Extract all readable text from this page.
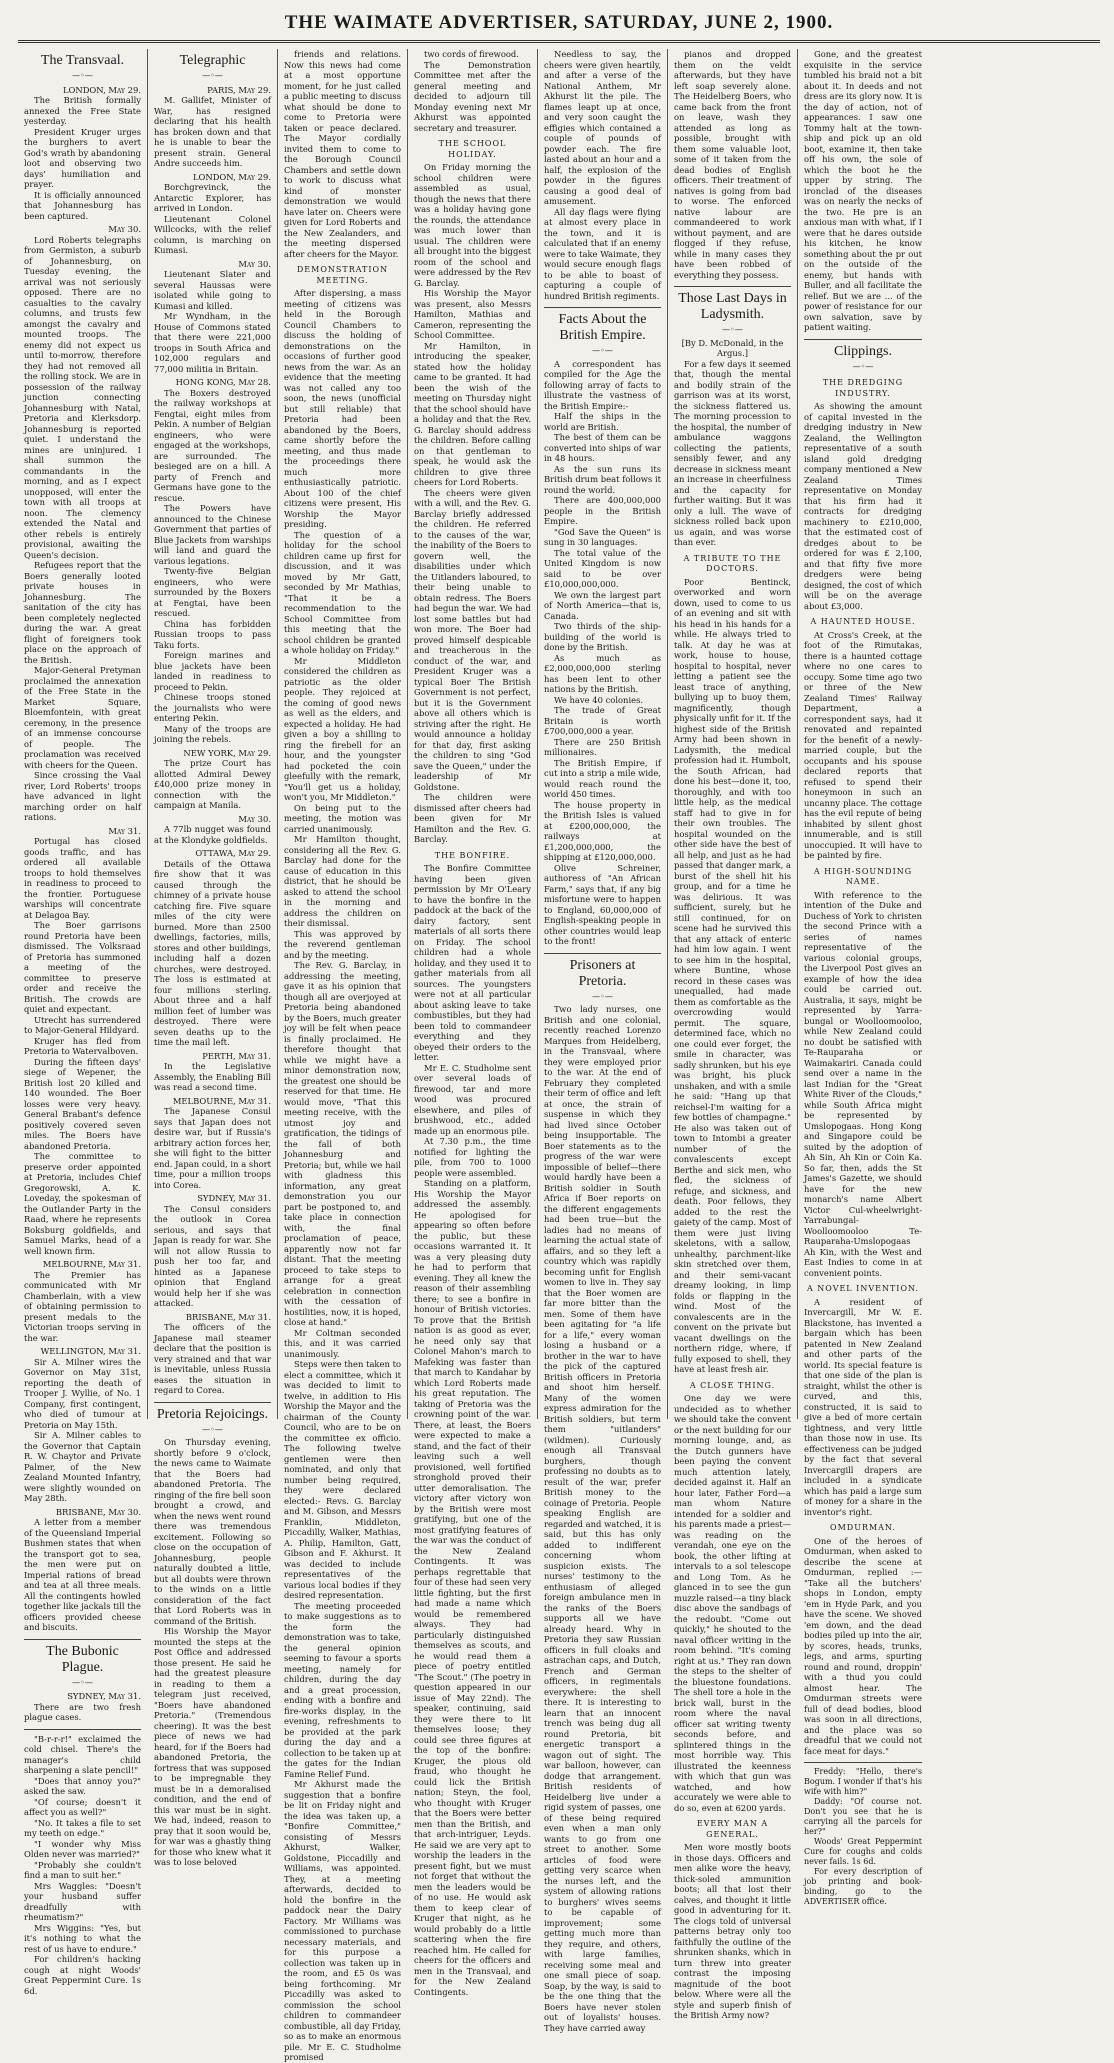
THE WAIMATE ADVERTISER, SATURDAY, JUNE 2, 1900.
The Transvaal.
—◦—

LONDON, May 29.

The British formally annexed the Free State yesterday.

President Kruger urges the burghers to avert God's wrath by abandoning loot and observing two days' humiliation and prayer.

It is officially announced that Johannesburg has been captured.

May 30.

Lord Roberts telegraphs from Germiston, a suburb of Johannesburg, on Tuesday evening, the arrival was not seriously opposed. There are no casualties to the cavalry columns, and trusts few amongst the cavalry and mounted troops. The enemy did not expect us until to-morrow, therefore they had not removed all the rolling stock. We are in possession of the railway junction connecting Johannesburg with Natal, Pretoria and Klerksdorp. Johannesburg is reported quiet. I understand the mines are uninjured. I shall summon the commandants in the morning, and as I expect unopposed, will enter the town with all troops at noon. The clemency extended the Natal and other rebels is entirely provisional, awaiting the Queen's decision.

Refugees report that the Boers generally looted private houses in Johannesburg. The sanitation of the city has been completely neglected during the war. A great flight of foreigners took place on the approach of the British.

Major-General Pretyman proclaimed the annexation of the Free State in the Market Square, Bloemfontein, with great ceremony, in the presence of an immense concourse of people. The proclamation was received with cheers for the Queen.

Since crossing the Vaal river, Lord Roberts' troops have advanced in light marching order on half rations.

May 31.

Portugal has closed goods traffic, and has ordered all available troops to hold themselves in readiness to proceed to the frontier. Portuguese warships will concentrate at Delagoa Bay.

The Boer garrisons round Pretoria have been dismissed. The Volksraad of Pretoria has summoned a meeting of the committee to preserve order and receive the British. The crowds are quiet and expectant.

Utrecht has surrendered to Major-General Hildyard.

Kruger has fled from Pretoria to Watervalboven.

During the fifteen days' siege of Wepener, the British lost 20 killed and 140 wounded. The Boer losses were very heavy. General Brabant's defence positively covered seven miles. The Boers have abandoned Pretoria.

The committee to preserve order appointed at Pretoria, includes Chief Gregorowski, A. K. Loveday, the spokesman of the Outlander Party in the Raad, where he represents Boksburg goldfields, and Samuel Marks, head of a well known firm.

MELBOURNE, May 31.

The Premier has communicated with Mr Chamberlain, with a view of obtaining permission to present medals to the Victorian troops serving in the war.

WELLINGTON, May 31.

Sir A. Milner wires the Governor on May 31st, reporting the death of Trooper J. Wyllie, of No. 1 Company, first contingent, who died of tumour at Pretoria on May 15th.

Sir A. Milner cables to the Governor that Captain R. W. Chaytor and Private Palmer, of the New Zealand Mounted Infantry, were slightly wounded on May 28th.

BRISBANE, May 30.

A letter from a member of the Queensland Imperial Bushmen states that when the transport got to sea, the men were put on Imperial rations of bread and tea at all three meals. All the contingents howled together like jackals till the officers provided cheese and biscuits.

The Bubonic Plague.
—◦—

SYDNEY, May 31.

There are two fresh plague cases.

"B-r-r-r!" exclaimed the cold chisel. There's the manager's child sharpening a slate pencil!"

"Does that annoy you?" asked the saw.

"Of course; doesn't it affect you as well?"

"No. It takes a file to set my teeth on edge."

"I wonder why Miss Olden never was married?"

"Probably she couldn't find a man to suit her."

Mrs Waggles: "Doesn't your husband suffer dreadfully with rheumatism?"

Mrs Wiggins: "Yes, but it's nothing to what the rest of us have to endure."

For children's hacking cough at night Woods' Great Peppermint Cure. 1s 6d.

Telegraphic
—◦—

PARIS, May 29.

M. Gallifet, Minister of War, has resigned declaring that his health has broken down and that he is unable to bear the present strain. General Andre succeeds him.

LONDON, May 29.

Borchgrevinck, the Antarctic Explorer, has arrived in London.

Lieutenant Colonel Willcocks, with the relief column, is marching on Kumasi.

May 30.

Lieutenant Slater and several Haussas were isolated while going to Kumasi and killed.

Mr Wyndham, in the House of Commons stated that there were 221,000 troops in South Africa and 102,000 regulars and 77,000 militia in Britain.

HONG KONG, May 28.

The Boxers destroyed the railway workshops at Fengtai, eight miles from Pekin. A number of Belgian engineers, who were engaged at the workshops, are surrounded. The besieged are on a hill. A party of French and Germans have gone to the rescue.

The Powers have announced to the Chinese Government that parties of Blue Jackets from warships will land and guard the various legations.

Twenty-five Belgian engineers, who were surrounded by the Boxers at Fengtai, have been rescued.

China has forbidden Russian troops to pass Taku forts.

Foreign marines and blue jackets have been landed in readiness to proceed to Pekin.

Chinese troops stoned the journalists who were entering Pekin.

Many of the troops are joining the rebels.

NEW YORK, May 29.

The prize Court has allotted Admiral Dewey £40,000 prize money in connection with the campaign at Manila.

May 30.

A 77lb nugget was found at the Klondyke goldfields.

OTTAWA, May 29.

Details of the Ottawa fire show that it was caused through the chimney of a private house catching fire. Five square miles of the city were burned. More than 2500 dwellings, factories, mills, stores and other buildings, including half a dozen churches, were destroyed. The loss is estimated at four millions sterling. About three and a half million feet of lumber was destroyed. There were seven deaths up to the time the mail left.

PERTH, May 31.

In the Legislative Assembly, the Enabling Bill was read a second time.

MELBOURNE, May 31.

The Japanese Consul says that Japan does not desire war, but if Russia's arbitrary action forces her, she will fight to the bitter end. Japan could, in a short time, pour a million troops into Corea.

SYDNEY, May 31.

The Consul considers the outlook in Corea serious, and says that Japan is ready for war. She will not allow Russia to push her too far, and hinted as a Japanese opinion that England would help her if she was attacked.

BRISBANE, May 31.

The officers of the Japanese mail steamer declare that the position is very strained and that war is inevitable, unless Russia eases the situation in regard to Corea.

Pretoria Rejoicings.
—◦—

On Thursday evening, shortly before 9 o'clock, the news came to Waimate that the Boers had abandoned Pretoria. The ringing of the fire bell soon brought a crowd, and when the news went round there was tremendous excitement. Following so close on the occupation of Johannesburg, people naturally doubted a little, but all doubts were thrown to the winds on a little consideration of the fact that Lord Roberts was in command of the British.

His Worship the Mayor mounted the steps at the Post Office and addressed those present. He said he had the greatest pleasure in reading to them a telegram just received, "Boers have abandoned Pretoria." (Tremendous cheering). It was the best piece of news we had heard, for if the Boers had abandoned Pretoria, the fortress that was supposed to be impregnable they must be in a demoralised condition, and the end of this war must be in sight. We had, indeed, reason to pray that it soon would be, for war was a ghastly thing for those who knew what it was to lose beloved

friends and relations. Now this news had come at a most opportune moment, for he just called a public meeting to discuss what should be done to come to Pretoria were taken or peace declared. The Mayor cordially invited them to come to the Borough Council Chambers and settle down to work to discuss what kind of monster demonstration we would have later on. Cheers were given for Lord Roberts and the New Zealanders, and the meeting dispersed after cheers for the Mayor.

DEMONSTRATION MEETING.

After dispersing, a mass meeting of citizens was held in the Borough Council Chambers to discuss the holding of demonstrations on the occasions of further good news from the war. As an evidence that the meeting was not called any too soon, the news (unofficial but still reliable) that Pretoria had been abandoned by the Boers, came shortly before the meeting, and thus made the proceedings there much more enthusiastically patriotic. About 100 of the chief citizens were present, His Worship the Mayor presiding.

The question of a holiday for the school children came up first for discussion, and it was moved by Mr Gatt, seconded by Mr Mathias, "That it be a recommendation to the School Committee from this meeting that the school children be granted a whole holiday on Friday."

Mr Middleton considered the children as patriotic as the older people. They rejoiced at the coming of good news as well as the elders, and expected a holiday. He had given a boy a shilling to ring the firebell for an hour, and the youngster had pocketed the coin gleefully with the remark, "You'll get us a holiday, won't you, Mr Middleton."

On being put to the meeting, the motion was carried unanimously.

Mr Hamilton thought, considering all the Rev. G. Barclay had done for the cause of education in this district, that he should be asked to attend the school in the morning and address the children on their dismissal.

This was approved by the reverend gentleman and by the meeting.

The Rev. G. Barclay, in addressing the meeting, gave it as his opinion that though all are overjoyed at Pretoria being abandoned by the Boers, much greater joy will be felt when peace is finally proclaimed. He therefore thought that while we might have a minor demonstration now, the greatest one should be reserved for that time. He would move, "That this meeting receive, with the utmost joy and gratification, the tidings of the fall of both Johannesburg and Pretoria; but, while we hail with gladness this information, any great demonstration you our part be postponed to, and take place in connection with, the final proclamation of peace, apparently now not far distant. That the meeting proceed to take steps to arrange for a great celebration in connection with the cessation of hostilities, now, it is hoped, close at hand."

Mr Coltman seconded this, and it was carried unanimously.

Steps were then taken to elect a committee, which it was decided to limit to twelve, in addition to His Worship the Mayor and the chairman of the County Council, who are to be on the committee ex officio. The following twelve gentlemen were then nominated, and only that number being required, they were declared elected:- Revs. G. Barclay and M. Gibson, and Messrs Franklin, Middleton, Piccadilly, Walker, Mathias, A. Philip, Hamilton, Gatt, Gibson and F. Akhurst. It was decided to include representatives of the various local bodies if they desired representation.

The meeting proceeded to make suggestions as to the form the demonstration was to take, the general opinion seeming to favour a sports meeting, namely for children, during the day and a great procession, ending with a bonfire and fire-works display, in the evening, refreshments to be provided at the park during the day and a collection to be taken up at the gates for the Indian Famine Relief Fund.

Mr Akhurst made the suggestion that a bonfire be lit on Friday night and the idea was taken up, a "Bonfire Committee," consisting of Messrs Akhurst, Walker, Goldstone, Piccadilly and Williams, was appointed. They, at a meeting afterwards, decided to hold the bonfire in the paddock near the Dairy Factory. Mr Williams was commissioned to purchase necessary materials, and for this purpose a collection was taken up in the room, and £5 0s was being forthcoming. Mr Piccadilly was asked to commission the school children to commandeer combustible, all day Friday, so as to make an enormous pile. Mr E. C. Studholme promised

two cords of firewood.

The Demonstration Committee met after the general meeting and decided to adjourn till Monday evening next Mr Akhurst was appointed secretary and treasurer.

THE SCHOOL HOLIDAY.

On Friday morning the school children were assembled as usual, though the news that there was a holiday having gone the rounds, the attendance was much lower than usual. The children were all brought into the biggest room of the school and were addressed by the Rev G. Barclay.

His Worship the Mayor was present, also Messrs Hamilton, Mathias and Cameron, representing the School Committee.

Mr Hamilton, in introducing the speaker, stated how the holiday came to be granted. It had been the wish of the meeting on Thursday night that the school should have a holiday and that the Rev. G. Barclay should address the children. Before calling on that gentleman to speak, he would ask the children to give three cheers for Lord Roberts.

The cheers were given with a will, and the Rev. G. Barclay briefly addressed the children. He referred to the causes of the war, the inability of the Boers to govern well, the disabilities under which the Uitlanders laboured, to their being unable to obtain redress. The Boers had begun the war. We had lost some battles but had won more. The Boer had proved himself despicable and treacherous in the conduct of the war, and President Kruger was a typical Boer The British Government is not perfect, but it is the Government above all others which is striving after the right. He would announce a holiday for that day, first asking the children to sing "God save the Queen," under the leadership of Mr Goldstone.

The children were dismissed after cheers had been given for Mr Hamilton and the Rev. G. Barclay.

THE BONFIRE.

The Bonfire Committee having been given permission by Mr O'Leary to have the bonfire in the paddock at the back of the dairy factory, sent materials of all sorts there on Friday. The school children had a whole holiday, and they used it to gather materials from all sources. The youngsters were not at all particular about asking leave to take combustibles, but they had been told to commandeer everything and they obeyed their orders to the letter.

Mr E. C. Studholme sent over several loads of firewood, tar and more wood was procured elsewhere, and piles of brushwood, etc., added made up an enormous pile.

At 7.30 p.m., the time notified for lighting the pile, from 700 to 1000 people were assembled.

Standing on a platform, His Worship the Mayor addressed the assembly. He apologised for appearing so often before the public, but these occasions warranted it. It was a very pleasing duty he had to perform that evening. They all knew the reason of their assembling there; to see a bonfire in honour of British victories. To prove that the British nation is as good as ever, he need only say that Colonel Mahon's march to Mafeking was faster than that march to Kandahar by which Lord Roberts made his great reputation. The taking of Pretoria was the crowning point of the war. There, at least, the Boers were expected to make a stand, and the fact of their leaving such a well provisioned, well fortified stronghold proved their utter demoralisation. The victory after victory won by the British were most gratifying, but one of the most gratifying features of the war was the conduct of the New Zealand Contingents. It was perhaps regrettable that four of these had seen very little fighting, but the first had made a name which would be remembered always. They had particularly distinguished themselves as scouts, and he would read them a piece of poetry entitled "The Scout." (The poetry in question appeared in our issue of May 22nd). The speaker, continuing, said they were there to lit themselves loose; they could see three figures at the top of the bonfire: Kruger, the pious old fraud, who thought he could lick the British nation; Steyn, the fool, who thought with Kruger that the Boers were better men than the British, and that arch-intriguer, Leyds. He said we are very apt to worship the leaders in the present fight, but we must not forget that without the men the leaders would be of no use. He would ask them to keep clear of Kruger that night, as he would probably do a little scattering when the fire reached him. He called for cheers for the officers and men in the Transvaal, and for the New Zealand Contingents.

Needless to say, the cheers were given heartily, and after a verse of the National Anthem, Mr Akhurst lit the pile. The flames leapt up at once, and very soon caught the effigies which contained a couple of pounds of powder each. The fire lasted about an hour and a half, the explosion of the powder in the figures causing a good deal of amusement.

All day flags were flying at almost every place in the town, and it is calculated that if an enemy were to take Waimate, they would secure enough flags to be able to boast of capturing a couple of hundred British regiments.

Facts About the British Empire.
—◦—

A correspondent has compiled for the Age the following array of facts to illustrate the vastness of the British Empire:-

Half the ships in the world are British.

The best of them can be converted into ships of war in 48 hours.

As the sun runs its British drum beat follows it round the world.

There are 400,000,000 people in the British Empire.

"God Save the Queen" is sung in 30 languages.

The total value of the United Kingdom is now said to be over £10,000,000,000.

We own the largest part of North America—that is, Canada.

Two thirds of the ship-building of the world is done by the British.

As much as £2,000,000,000 sterling has been lent to other nations by the British.

We have 40 colonies.

The trade of Great Britain is worth £700,000,000 a year.

There are 250 British millionaires.

The British Empire, if cut into a strip a mile wide, would reach round the world 450 times.

The house property in the British Isles is valued at £200,000,000, the railways at £1,200,000,000, the shipping at £120,000,000.

Olive Schreiner, authoress of "An African Farm," says that, if any big misfortune were to happen to England, 60,000,000 of English-speaking people in other countries would leap to the front!

Prisoners at Pretoria.
—◦—

Two lady nurses, one British and one colonial, recently reached Lorenzo Marques from Heidelberg, in the Transvaal, where they were employed prior to the war. At the end of February they completed their term of office and left at once, the strain of suspense in which they had lived since October being insupportable. The Boer statements as to the progress of the war were impossible of belief—there would hardly have been a British soldier in South Africa if Boer reports on the different engagements had been true—but the ladies had no means of learning the actual state of affairs, and so they left a country which was rapidly becoming unfit for English women to live in. They say that the Boer women are far more bitter than the men. Some of them have been agitating for "a life for a life," every woman losing a husband or a brother in the war to have the pick of the captured British officers in Pretoria and shoot him herself. Many of the women express admiration for the British soldiers, but term them "uitlanders" (wildmen). Curiously enough all Transvaal burghers, though professing no doubts as to result of the war, prefer British money to the coinage of Pretoria. People speaking English are regarded and watched, it is said, but this has only added to indifferent concerning whom suspicion exists. The nurses' testimony to the enthusiasm of alleged foreign ambulance men in the ranks of the Boers supports all we have already heard. Why in Pretoria they saw Russian officers in full cloaks and astrachan caps, and Dutch, French and German officers, in regimentals everywhere: the shell there. It is interesting to learn that an innocent trench was being dug all round Pretoria, bit energetic transport a wagon out of sight. The war balloon, however, can dodge that arrangement. British residents of Heidelberg live under a rigid system of passes, one of these being required even when a man only wants to go from one street to another. Some articles of food were getting very scarce when the nurses left, and the system of allowing rations to burghers' wives seems to be capable of improvement; some getting much more than they require, and others, with large families, receiving some meal and one small piece of soap. Soap, by the way, is said to be the one thing that the Boers have never stolen out of loyalists' houses. They have carried away

pianos and dropped them on the veldt afterwards, but they have left soap severely alone. The Heidelberg Boers, who came back from the front on leave, wash they attended as long as possible, brought with them some valuable loot, some of it taken from the dead bodies of English officers. Their treatment of natives is going from bad to worse. The enforced native labour are commandeered to work without payment, and are flogged if they refuse, while in many cases they have been robbed of everything they possess.

Those Last Days in Ladysmith.
—◦—

[By D. McDonald, in the Argus.]

For a few days it seemed that, though the mental and bodily strain of the garrison was at its worst, the sickness flattered us. The morning procession to the hospital, the number of ambulance waggons collecting the patients, sensibly fewer, and any decrease in sickness meant an increase in cheerfulness and the capacity for further waiting. But it was only a lull. The wave of sickness rolled back upon us again, and was worse than ever.

A TRIBUTE TO THE DOCTORS.

Poor Bentinck, overworked and worn down, used to come to us of an evening and sit with his head in his hands for a while. He always tried to talk. At day he was at work, house to house, hospital to hospital, never letting a patient see the least trace of anything, bullying up to buoy them, magnificently, though physically unfit for it. If the highest side of the British Army had been shown in Ladysmith, the medical profession had it. Humbolt, the South African, had done his best—done it, too, thoroughly, and with too little help, as the medical staff had to give in for their own troubles. The hospital wounded on the other side have the best of all help, and just as he had passed that danger mark, a burst of the shell hit his group, and for a time he was delirious. It was sufficient, surely, but he still continued, for on scene had he survived this that any attack of enteric had him low again. I went to see him in the hospital, where Buntine, whose record in these cases was unequalled, had made them as comfortable as the overcrowding would permit. The square, determined face, which no one could ever forget, the smile in character, was sadly shrunken, but his eye was bright, his pluck unshaken, and with a smile he said: "Hang up that reichsel-I'm waiting for a few bottles of champagne." He also was taken out of town to Intombi a greater number of the convalescents except Berthe and sick men, who fled, the sickness of refuge, and sickness, and death. Poor fellows, they added to the rest the gaiety of the camp. Most of them were just living skeletons, with a sallow, unhealthy, parchment-like skin stretched over them, and their semi-vacant dreamy looking, in limp folds or flapping in the wind. Most of the convalescents are in the convent on the private but vacant dwellings on the northern ridge, where, if fully exposed to shell, they have at least fresh air.

A CLOSE THING.

One day we were undecided as to whether we should take the convent or the next building for our morning lounge, and, as the Dutch gunners have been paying the convent much attention lately, decided against it. Half an hour later, Father Ford—a man whom Nature intended for a soldier and his parents made a priest—was reading on the verandah, one eye on the book, the other lifting at intervals to a sol telescope and Long Tom. As he glanced in to see the gun muzzle raised—a tiny black disc above the sandbags of the redoubt. "Come out quickly," he shouted to the naval officer writing in the room behind. "It's coming right at us." They ran down the steps to the shelter of the bluestone foundations. The shell tore a hole in the brick wall, burst in the room where the naval officer sat writing twenty seconds before, and splintered things in the most horrible way. This illustrated the keenness with which that gun was watched, and how accurately we were able to do so, even at 6200 yards.

EVERY MAN A GENERAL.

Men wore mostly boots in those days. Officers and men alike wore the heavy, thick-soled ammunition boots; all that lost their calves, and thought it little good in adventuring for it. The clogs told of universal patterns betray only too faithfully the outline of the shrunken shanks, which in turn threw into greater contrast the imposing magnitude of the boot below. Where were all the style and superb finish of the British Army now?

Gone, and the greatest exquisite in the service tumbled his braid not a bit about it. In deeds and not dress are its glory now. It is the day of action, not of appearances. I saw one Tommy halt at the town-ship and pick up an old boot, examine it, then take off his own, the sole of which the boot he the upper by string. The ironclad of the diseases was on nearly the necks of the two. He pre is an anxious man with what, if I were that he dares outside his kitchen, he know something about the pr out on the outside of the enemy, but hands with Buller, and all facilitate the relief. But we are ... of the power of resistance for our own salvation, save by patient waiting.

Clippings.
—◦—
THE DREDGING INDUSTRY.

As showing the amount of capital invested in the dredging industry in New Zealand, the Wellington representative of a south island gold dredging company mentioned a New Zealand Times representative on Monday that his firm had it contracts for dredging machinery to £210,000, that the estimated cost of dredges about to be ordered for was £ 2,100, and that fifty five more dredgers were being designed, the cost of which will be on the average about £3,000.

A HAUNTED HOUSE.

At Cross's Creek, at the foot of the Rimutakas, there is a haunted cottage where no one cares to occupy. Some time ago two or three of the New Zealand Times' Railway Department, a correspondent says, had it renovated and repainted for the benefit of a newly-married couple, but the occupants and his spouse declared reports that refused to spend their honeymoon in such an uncanny place. The cottage has the evil repute of being inhabited by silent ghost innumerable, and is still unoccupied. It will have to be painted by fire.

A HIGH-SOUNDING NAME.

With reference to the intention of the Duke and Duchess of York to christen the second Prince with a series of names representative of the various colonial groups, the Liverpool Post gives an example of how the idea could be carried out. Australia, it says, might be represented by Yarra-bungal or Woolloomooloo, while New Zealand could no doubt be satisfied with Te-Rauparaha or Waimakariri. Canada could send over a name in the last Indian for the "Great White River of the Clouds," while South Africa might be represented by Umslopogaas. Hong Kong and Singapore could be suited by the adoption of Ah Sin, Ah Kin or Coin Ka. So far, then, adds the St James's Gazette, we should have for the new monarch's name Albert Victor Cul-wheelwright-Yarrabungal-Woolloomooloo Te-Rauparaha-Umslopogaas Ah Kin, with the West and East Indies to come in at convenient points.

A NOVEL INVENTION.

A resident of Invercargill, Mr W. E. Blackstone, has invented a bargain which has been patented in New Zealand and other parts of the world. Its special feature is that one side of the plan is straight, whilst the other is curved, and this, constructed, it is said to give a bed of more certain tightness, and very little than those now in use. Its effectiveness can be judged by the fact that several Invercargill drapers are included in a syndicate which has paid a large sum of money for a share in the inventor's right.

OMDURMAN.

One of the heroes of Omdurman, when asked to describe the scene at Omdurman, replied :— "Take all the butchers' shops in London, empty 'em in Hyde Park, and you have the scene. We shoved 'em down, and the dead bodies piled up into the air, by scores, heads, trunks, legs, and arms, spurting round and round, droppin' with a thud you could almost hear. The Omdurman streets were full of dead bodies, blood was soon in all directions, and the place was so dreadful that we could not face meat for days."

Freddy: "Hello, there's Bogum. I wonder if that's his wife with him?"

Daddy: "Of course not. Don't you see that he is carrying all the parcels for her?"

Woods' Great Peppermint Cure for coughs and colds never fails. 1s 6d.

For every description of job printing and book-binding, go to the ADVERTISER office.
